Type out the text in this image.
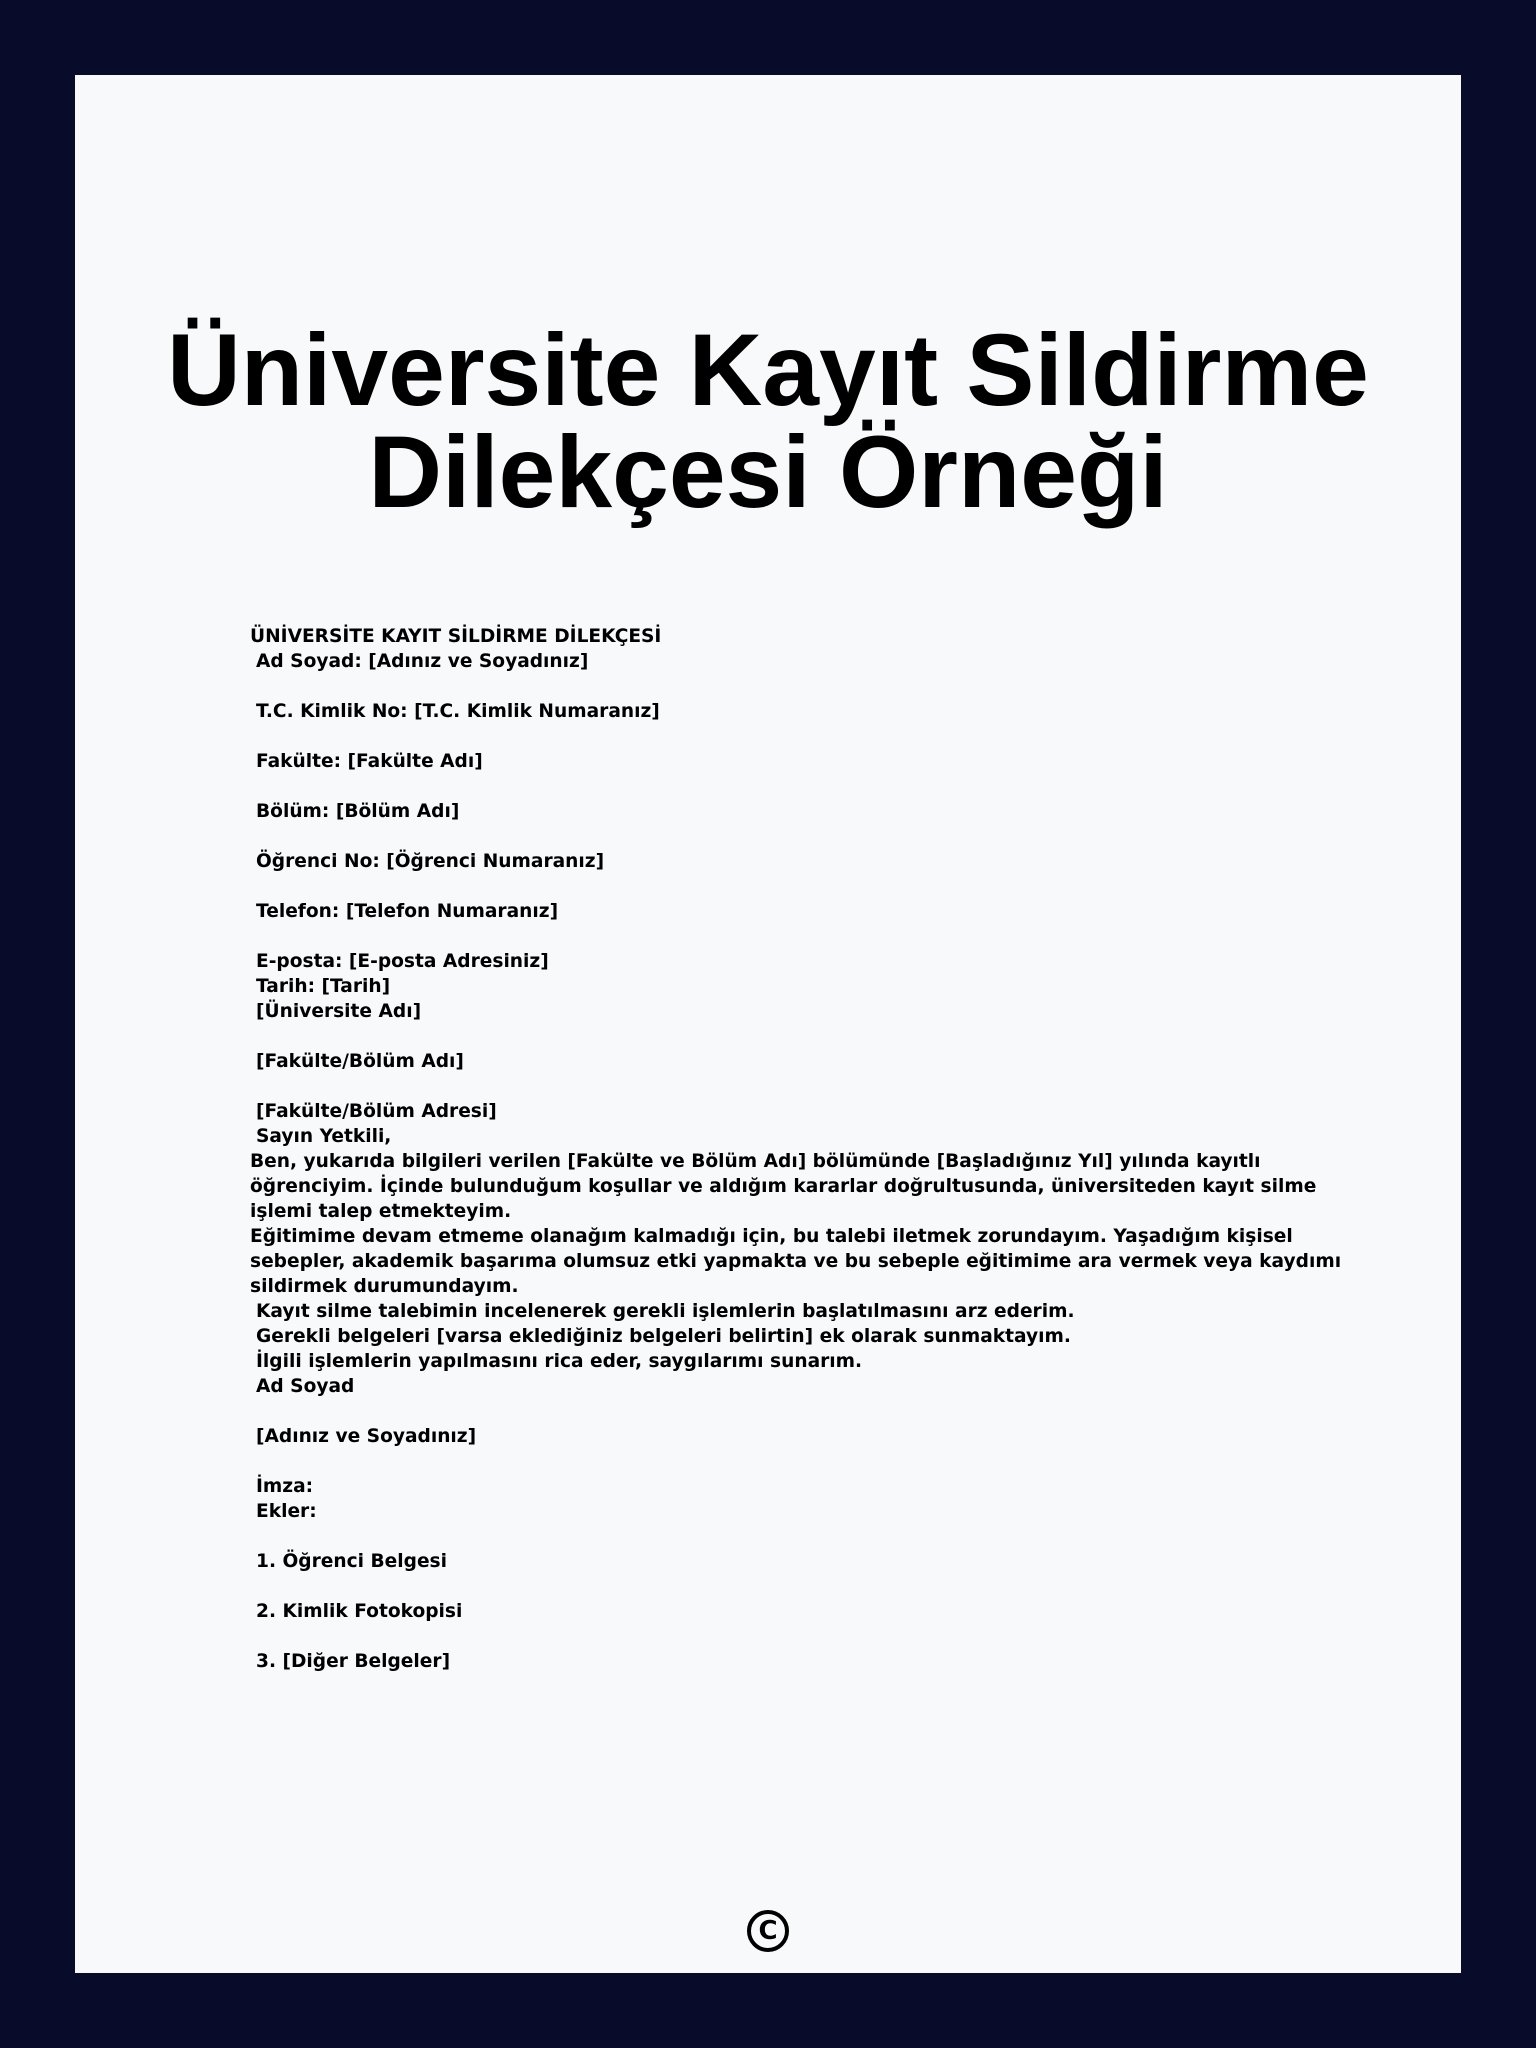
Üniversite Kayıt Sildirme
Dilekçesi Örneği
ÜNİVERSİTE KAYIT SİLDİRME DİLEKÇESİ
Ad Soyad: [Adınız ve Soyadınız]
T.C. Kimlik No: [T.C. Kimlik Numaranız]
Fakülte: [Fakülte Adı]
Bölüm: [Bölüm Adı]
Öğrenci No: [Öğrenci Numaranız]
Telefon: [Telefon Numaranız]
E-posta: [E-posta Adresiniz]
Tarih: [Tarih]
[Üniversite Adı]
[Fakülte/Bölüm Adı]
[Fakülte/Bölüm Adresi]
Sayın Yetkili,
Ben, yukarıda bilgileri verilen [Fakülte ve Bölüm Adı] bölümünde [Başladığınız Yıl] yılında kayıtlı
öğrenciyim. İçinde bulunduğum koşullar ve aldığım kararlar doğrultusunda, üniversiteden kayıt silme
işlemi talep etmekteyim.
Eğitimime devam etmeme olanağım kalmadığı için, bu talebi iletmek zorundayım. Yaşadığım kişisel
sebepler, akademik başarıma olumsuz etki yapmakta ve bu sebeple eğitimime ara vermek veya kaydımı
sildirmek durumundayım.
Kayıt silme talebimin incelenerek gerekli işlemlerin başlatılmasını arz ederim.
Gerekli belgeleri [varsa eklediğiniz belgeleri belirtin] ek olarak sunmaktayım.
İlgili işlemlerin yapılmasını rica eder, saygılarımı sunarım.
Ad Soyad
[Adınız ve Soyadınız]
İmza:
Ekler:
1. Öğrenci Belgesi
2. Kimlik Fotokopisi
3. [Diğer Belgeler]
C
